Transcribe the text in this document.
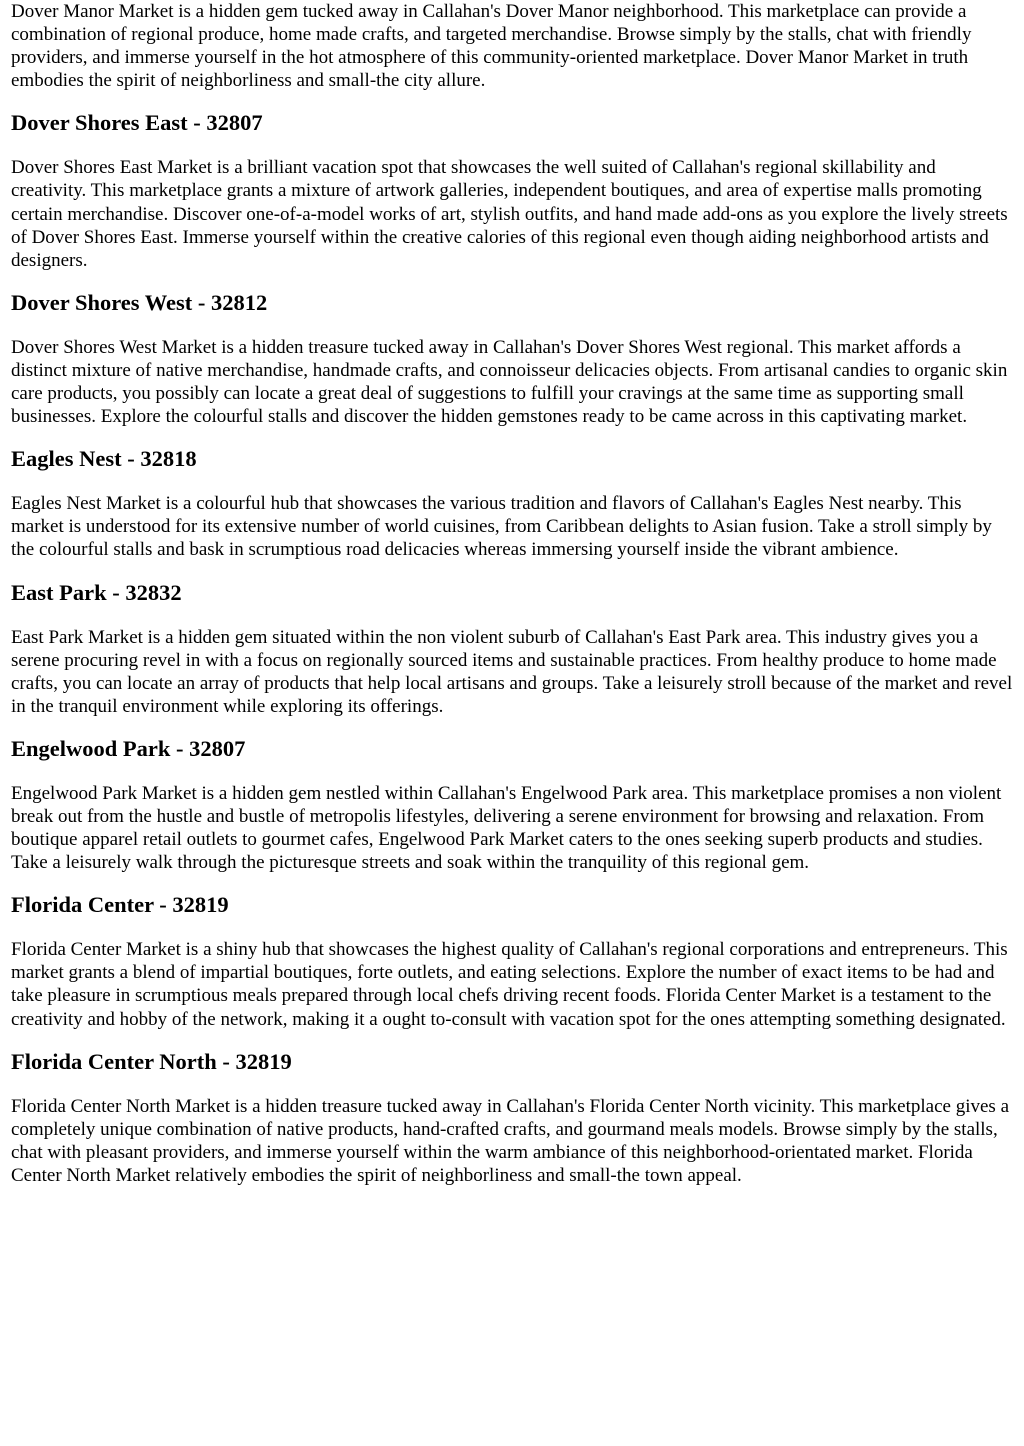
Dover Manor Market is a hidden gem tucked away in Callahan's Dover Manor neighborhood. This marketplace can provide a combination of regional produce, home made crafts, and targeted merchandise. Browse simply by the stalls, chat with friendly providers, and immerse yourself in the hot atmosphere of this community-oriented marketplace. Dover Manor Market in truth embodies the spirit of neighborliness and small-the city allure.

Dover Shores East - 32807

Dover Shores East Market is a brilliant vacation spot that showcases the well suited of Callahan's regional skillability and creativity. This marketplace grants a mixture of artwork galleries, independent boutiques, and area of expertise malls promoting certain merchandise. Discover one-of-a-model works of art, stylish outfits, and hand made add-ons as you explore the lively streets of Dover Shores East. Immerse yourself within the creative calories of this regional even though aiding neighborhood artists and designers.

Dover Shores West - 32812

Dover Shores West Market is a hidden treasure tucked away in Callahan's Dover Shores West regional. This market affords a distinct mixture of native merchandise, handmade crafts, and connoisseur delicacies objects. From artisanal candies to organic skin care products, you possibly can locate a great deal of suggestions to fulfill your cravings at the same time as supporting small businesses. Explore the colourful stalls and discover the hidden gemstones ready to be came across in this captivating market.

Eagles Nest - 32818

Eagles Nest Market is a colourful hub that showcases the various tradition and flavors of Callahan's Eagles Nest nearby. This market is understood for its extensive number of world cuisines, from Caribbean delights to Asian fusion. Take a stroll simply by the colourful stalls and bask in scrumptious road delicacies whereas immersing yourself inside the vibrant ambience.

East Park - 32832

East Park Market is a hidden gem situated within the non violent suburb of Callahan's East Park area. This industry gives you a serene procuring revel in with a focus on regionally sourced items and sustainable practices. From healthy produce to home made crafts, you can locate an array of products that help local artisans and groups. Take a leisurely stroll because of the market and revel in the tranquil environment while exploring its offerings.

Engelwood Park - 32807

Engelwood Park Market is a hidden gem nestled within Callahan's Engelwood Park area. This marketplace promises a non violent break out from the hustle and bustle of metropolis lifestyles, delivering a serene environment for browsing and relaxation. From boutique apparel retail outlets to gourmet cafes, Engelwood Park Market caters to the ones seeking superb products and studies. Take a leisurely walk through the picturesque streets and soak within the tranquility of this regional gem.

Florida Center - 32819

Florida Center Market is a shiny hub that showcases the highest quality of Callahan's regional corporations and entrepreneurs. This market grants a blend of impartial boutiques, forte outlets, and eating selections. Explore the number of exact items to be had and take pleasure in scrumptious meals prepared through local chefs driving recent foods. Florida Center Market is a testament to the creativity and hobby of the network, making it a ought to-consult with vacation spot for the ones attempting something designated.

Florida Center North - 32819

Florida Center North Market is a hidden treasure tucked away in Callahan's Florida Center North vicinity. This marketplace gives a completely unique combination of native products, hand-crafted crafts, and gourmand meals models. Browse simply by the stalls, chat with pleasant providers, and immerse yourself within the warm ambiance of this neighborhood-orientated market. Florida Center North Market relatively embodies the spirit of neighborliness and small-the town appeal.
